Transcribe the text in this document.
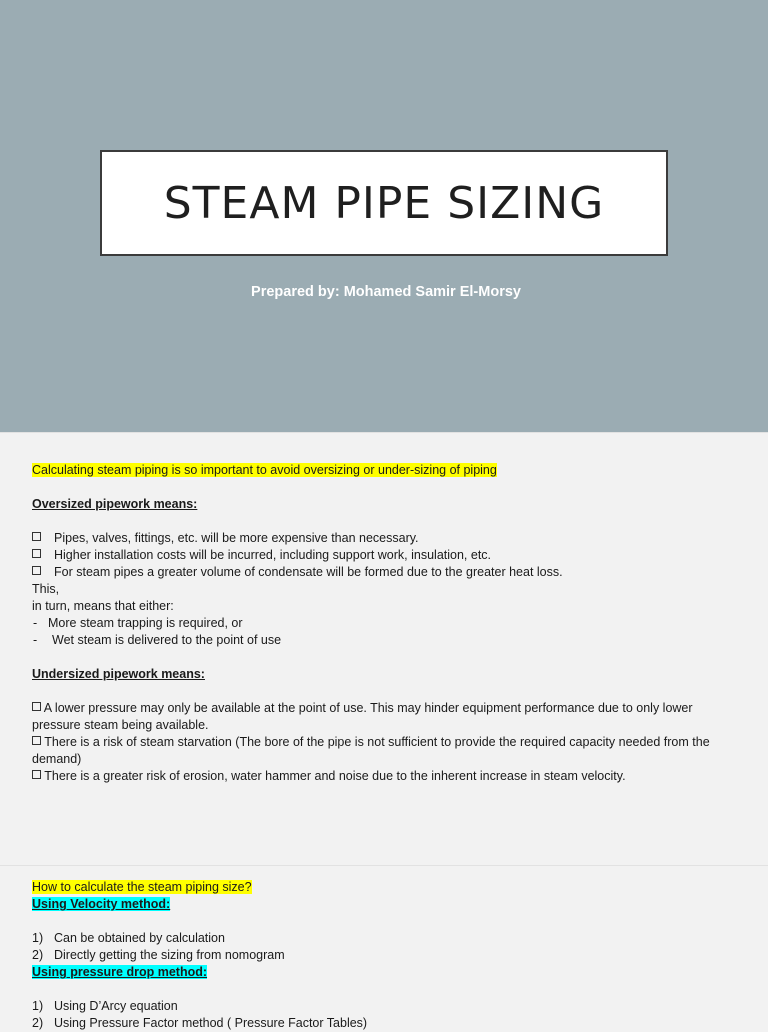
STEAM PIPE SIZING
Prepared by: Mohamed Samir El-Morsy
Calculating steam piping is so important to avoid oversizing or under-sizing of piping
Oversized pipework means:
Pipes, valves, fittings, etc. will be more expensive than necessary.
Higher installation costs will be incurred, including support work, insulation, etc.
For steam pipes a greater volume of condensate will be formed due to the greater heat loss.
This,
in turn, means that either:
- More steam trapping is required, or
-	Wet steam is delivered to the point of use
Undersized pipework means:
A lower pressure may only be available at the point of use. This may hinder equipment performance due to only lower pressure steam being available.
There is a risk of steam starvation (The bore of the pipe is not sufficient to provide the required capacity needed from the demand)
There is a greater risk of erosion, water hammer and noise due to the inherent increase in steam velocity.
How to calculate the steam piping size?
Using Velocity method:
1) Can be obtained by calculation
2) Directly getting the sizing from nomogram
Using pressure drop method:
1) Using D’Arcy equation
2) Using Pressure Factor method ( Pressure Factor Tables)
